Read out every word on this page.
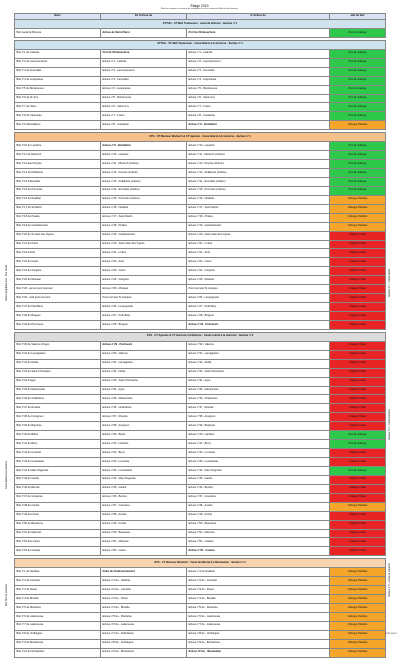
Étiage 2019
État des étiages et niveaux de navigation sur les canaux du Midi et de Garonne
Biefs	De l'écluse de	à l'écluse de	état du bief
STTHG - ST Midi Toulousain - canal de Brienne - Secteur n°1			
Bief canal de Brienne	Ecluse de Saint-Pierre	Port de l'Embouchure	Pas de vidange

STTHG - ST Midi Toulousain - Canal latéral à la Garonne - Secteur n°1			
Bief n°1 de Lalande	Port de l'Embouchure	Ecluse n°1 - Lalande	Pas de vidange
Bief n°2 de Lacourtensourt	Ecluse n°1 - Lalande	Ecluse n°2 - Lacourtensourt	Pas de vidange
Bief n°3 de Fenouillet	Ecluse n°2 - Lacourtensourt	Ecluse n°3 - Fenouillet	Pas de vidange
Bief n°4 de Lespinasse	Ecluse n°3 - Fenouillet	Ecluse n°4 - Lespinasse	Pas de vidange
Bief n°5 de Bordeneuve	Ecluse n°4 - Lespinasse	Ecluse n°5 - Bordeneuve	Pas de vidange
Bief n°6 de St Jory	Ecluse n°5 - Bordeneuve	Ecluse n°6 - Saint-Jory	Pas de vidange
Bief n°7 de l'Hers	Ecluse n°6 - Saint-Jory	Ecluse n°7 - L'Hers	Pas de vidange
Bief n°8 de Castelnau	Ecluse n°7 - L'Hers	Ecluse n°8 - Castelnau	Pas de vidange
Bief n°9 d'Emballens	Ecluse n°8 - Castelnau	Ecluse n°9 - Emballens	Vidange Partielle

STG - ST Moissac Montech & CT Agenais - Canal latéral à la Garonne - Secteur n°1			
Bief n°10 de Lavache	Ecluse n°9 - Emballens	Ecluse n°10 - Lavache	Pas de vidange
Bief n°11 de Montech	Ecluse n°10 - Lavache	Ecluse n°11 - Montech (chaîne)	Pas de vidange
Bief n°12 des Peyrets	Ecluse n°11 - Montech (chaîne)	Ecluse n°12 - Peyrets (chaîne)	Pas de vidange
Bief n°13 de Pellaborie	Ecluse n°12 - Peyrets (chaîne)	Ecluse n°13 - Pellaborie (chaîne)	Pas de vidange
Bief n°14 d'Escudiès	Ecluse n°13 - Pellaborie (chaîne)	Ecluse n°14 - Escudiès (chaîne)	Pas de vidange
Bief n°15 de Pommiès	Ecluse n°14 - Escudiès (chaîne)	Ecluse n°15 - Pommiès (chaîne)	Pas de vidange
Bief n°16 de Noalhac	Ecluse n°15 - Pommiès (chaîne)	Ecluse n°16 - Noalhac	Vidange Partielle
Bief n°17 de St Martin	Ecluse n°16 - Noalhac	Ecluse n°17 - Saint Martin	Vidange Partielle
Bief n°18 de Prades	Ecluse n°17 - Saint Martin	Ecluse n°18 - Prades	Vidange Partielle
Bief n°19 de Castelsarrasin	Ecluse n°18 - Prades	Ecluse n°19 - Castelsarrasin	Vidange Partielle
Bief n°20 de St Jean des Vignes	Ecluse n°19 - Castelsarrasin	Ecluse n°20 - Saint Jean des Vignes	Vidange Totale
Bief n°21 de l'Hers	Ecluse n°20 - Saint Jean des Vignes	Ecluse n°21 - L'Hers	Vidange Totale
Bief n°22 d'Artel	Ecluse n°21 - L'Hers	Ecluse n°22 - Artel	Vidange Totale
Bief n°23 de Cacor	Ecluse n°22 - Artel	Ecluse n°23 - Cacor	Vidange Totale
Bief n°24 de Grégoire	Ecluse n°23 - Cacor	Ecluse n°24 - Grégoire	Vidange Totale
Bief n°25 de Moissac	Ecluse n°24 - Grégoire	Ecluse n°25 - Moissac	Vidange Totale
Bief n°26 - amont pont tournant	Ecluse n°25 - Moissac	Pont tournant St Jacques	Vidange Totale
Bief n°26 - aval pont tournant	Pont tournant St Jacques	Ecluse n°26 - Lespugnette	Vidange Totale
Bief n°27 de Petit Bézy	Ecluse n°26 - Lespugnette	Ecluse n°27 - Petit Bézy	Vidange Totale
Bief n°28 de Braguel	Ecluse n°27 - Petit Bézy	Ecluse n°28 - Braguel	Vidange Totale
Bief n°29 de Pommevic	Ecluse n°28 - Braguel	Ecluse n°29 - Pommevic	Vidange Totale

STG - CT Agenais & CT Garonne Confluence - Canal Latéral à la Garonne - Secteur n°2			
Bief n°30 de Valence d'Agen	Ecluse n°29 - Pommevic	Ecluse n°30 - Valence	Vidange Totale
Bief n°31 de Lamagistère	Ecluse n°30 - Valence	Ecluse n°31 - Lamagistère	Vidange Totale
Bief n°32 de Noble	Ecluse n°31 - Lamagistère	Ecluse n°32 - Noble	Vidange Totale
Bief n°33 de Saint Christophe	Ecluse n°32 - Noble	Ecluse n°33 - Saint Christophe	Vidange Totale
Bief n°34 d'Agen	Ecluse n°33 - Saint Christophe	Ecluse n°34 - Agen	Vidange Totale
Bief n°35 de Mariannette	Ecluse n°34 - Agen	Ecluse n°35 - Mariannette	Vidange Totale
Bief n°36 de Chabrières	Ecluse n°35 - Mariannette	Ecluse n°36 - Chabrières	Vidange Totale
Bief n°37 de Rosette	Ecluse n°36 - Chabrières	Ecluse n°37 - Rosette	Vidange Totale
Bief n°38 de l'Auvignon	Ecluse n°37 - Rosette	Ecluse n°38 - Auvignon	Vidange Totale
Bief n°39 de Bapteste	Ecluse n°38 - Auvignon	Ecluse n°39 - Bapteste	Vidange Totale
Bief n°40 de Baïse	Ecluse n°39 - Baïse	Ecluse n°40 - Larderet	Pas de vidange
Bief n°41 de Berry	Ecluse n°40 - Larderet	Ecluse n°41 - Berry	Pas de vidange
Bief n°42 de la Gaule	Ecluse n°41 - Berry	Ecluse n°42 - La Gaule	Vidange Totale
Bief n°43 de la Gaulette	Ecluse n°42 - La Gaule	Ecluse n°43 - La Gaulette	Vidange Totale
Bief n°44 du Mas d'Agenais	Ecluse n°43 - La Gaulette	Ecluse n°44 - Mas d'Agenais	Pas de vidange
Bief n°45 de Gaulot	Ecluse n°44 - Mas d'Agenais	Ecluse n°45 - Gaulot	Vidange Totale
Bief n°46 de Bernès	Ecluse n°45 - Gaulot	Ecluse n°46 - Bernès	Vidange Totale
Bief n°47 de Gravières	Ecluse n°46 - Bernès	Ecluse n°47 - Gravières	Vidange Totale
Bief n°48 de Auriole	Ecluse n°47 - Gravières	Ecluse n°48 - Auriole	Vidange Partielle
Bief n°49 de Fontet	Ecluse n°48 - Auriole	Ecluse n°49 - Fontet	Vidange Totale
Bief n°50 de Bassanne	Ecluse n°49 - Fontet	Ecluse n°50 - Bassanne	Vidange Totale
Bief n°51 de Mazerac	Ecluse n°50 - Bassanne	Ecluse n°51 - Mazerac	Vidange Totale
Bief n°52 des Gares	Ecluse n°51 - Mazerac	Ecluse n°52 - Castets	Vidange Totale
Bief n°53 de Castets	Ecluse n°52 - Gares	Ecluse n°53 - Castets	Vidange Totale

STG - CT Moissac Montech : Canal de Montech à Montauban - Secteur n°3			
Bief n°1 de Noalhac	Point de l'embranchement	Ecluse n°1 de Noalhac	Vidange Partielle
Bief n°2 de Lamothe	Ecluse n°1 de - Noalhac	Ecluse n°2 de - Lamothe	Vidange Partielle
Bief n°3 de Fisset	Ecluse n°2 de - Lamothe	Ecluse n°3 de - Fisset	Vidange Partielle
Bief n°4 de Bretelle	Ecluse n°3 de - Fisset	Ecluse n°4 de - Bretelle	Vidange Partielle
Bief n°5 de Mortarieu	Ecluse n°4 de - Bretelle	Ecluse n°5 de - Mortarieu	Vidange Partielle
Bief n°6 de Lalanneuse	Ecluse n°5 de - Mortarieu	Ecluse n°6 de - Lalanneuse	Vidange Partielle
Bief n°7 de Lalanneuse	Ecluse n°6 de - Lalanneuse	Ecluse n°7 de - Lalanneuse	Vidange Partielle
Bief n°8 de Verlhaguet	Ecluse n°7 de - Fabrizières	Ecluse n°8 de - Verlhaguet	Vidange Partielle
Bief n°9 de Borbétouve	Ecluse n°8 de - Verlhaguet	Ecluse n°9 de - Borbétouve	Vidange Partielle
Bief n°10 de Montauban	Ecluse n°9 de - Borbétouve	Ecluse 10 bis - Montauban	Vidange Partielle
Voies navigables Sud - Sud Ouest
Canal latéral à la Garonne
Bief Tarn et Garonne
Secteur n°1 - Canal latéral
Secteur n°2 - Canal Garonne
Secteur n°3 - Canal de Montech
ETAT BIEFS
